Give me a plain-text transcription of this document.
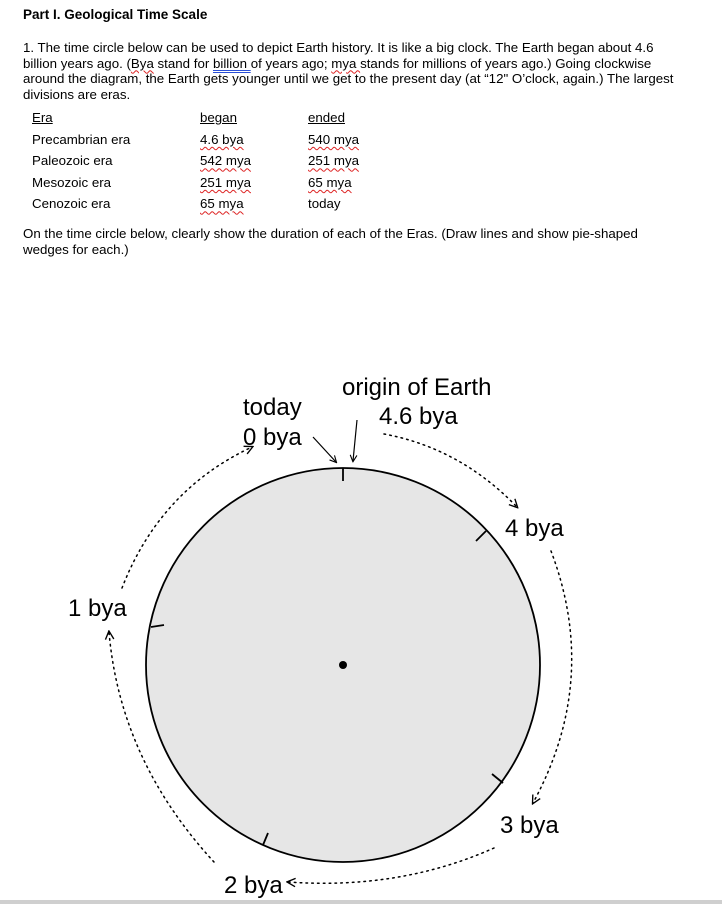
Part I. Geological Time Scale

1. The time circle below can be used to depict Earth history. It is like a big clock. The Earth began about 4.6 billion years ago. (Bya stand for billion of years ago; mya stands for millions of years ago.) Going clockwise around the diagram, the Earth gets younger until we get to the present day (at “12" O’clock, again.) The largest divisions are eras.

Era	began	ended
Precambrian era	4.6 bya	540 mya
Paleozoic era	542 mya	251 mya
Mesozoic era	251 mya	65 mya
Cenozoic era	65 mya	today

On the time circle below, clearly show the duration of each of the Eras. (Draw lines and show pie-shaped wedges for each.)

origin of Earth
4.6 bya
today
0 bya
4 bya
3 bya
2 bya
1 bya
